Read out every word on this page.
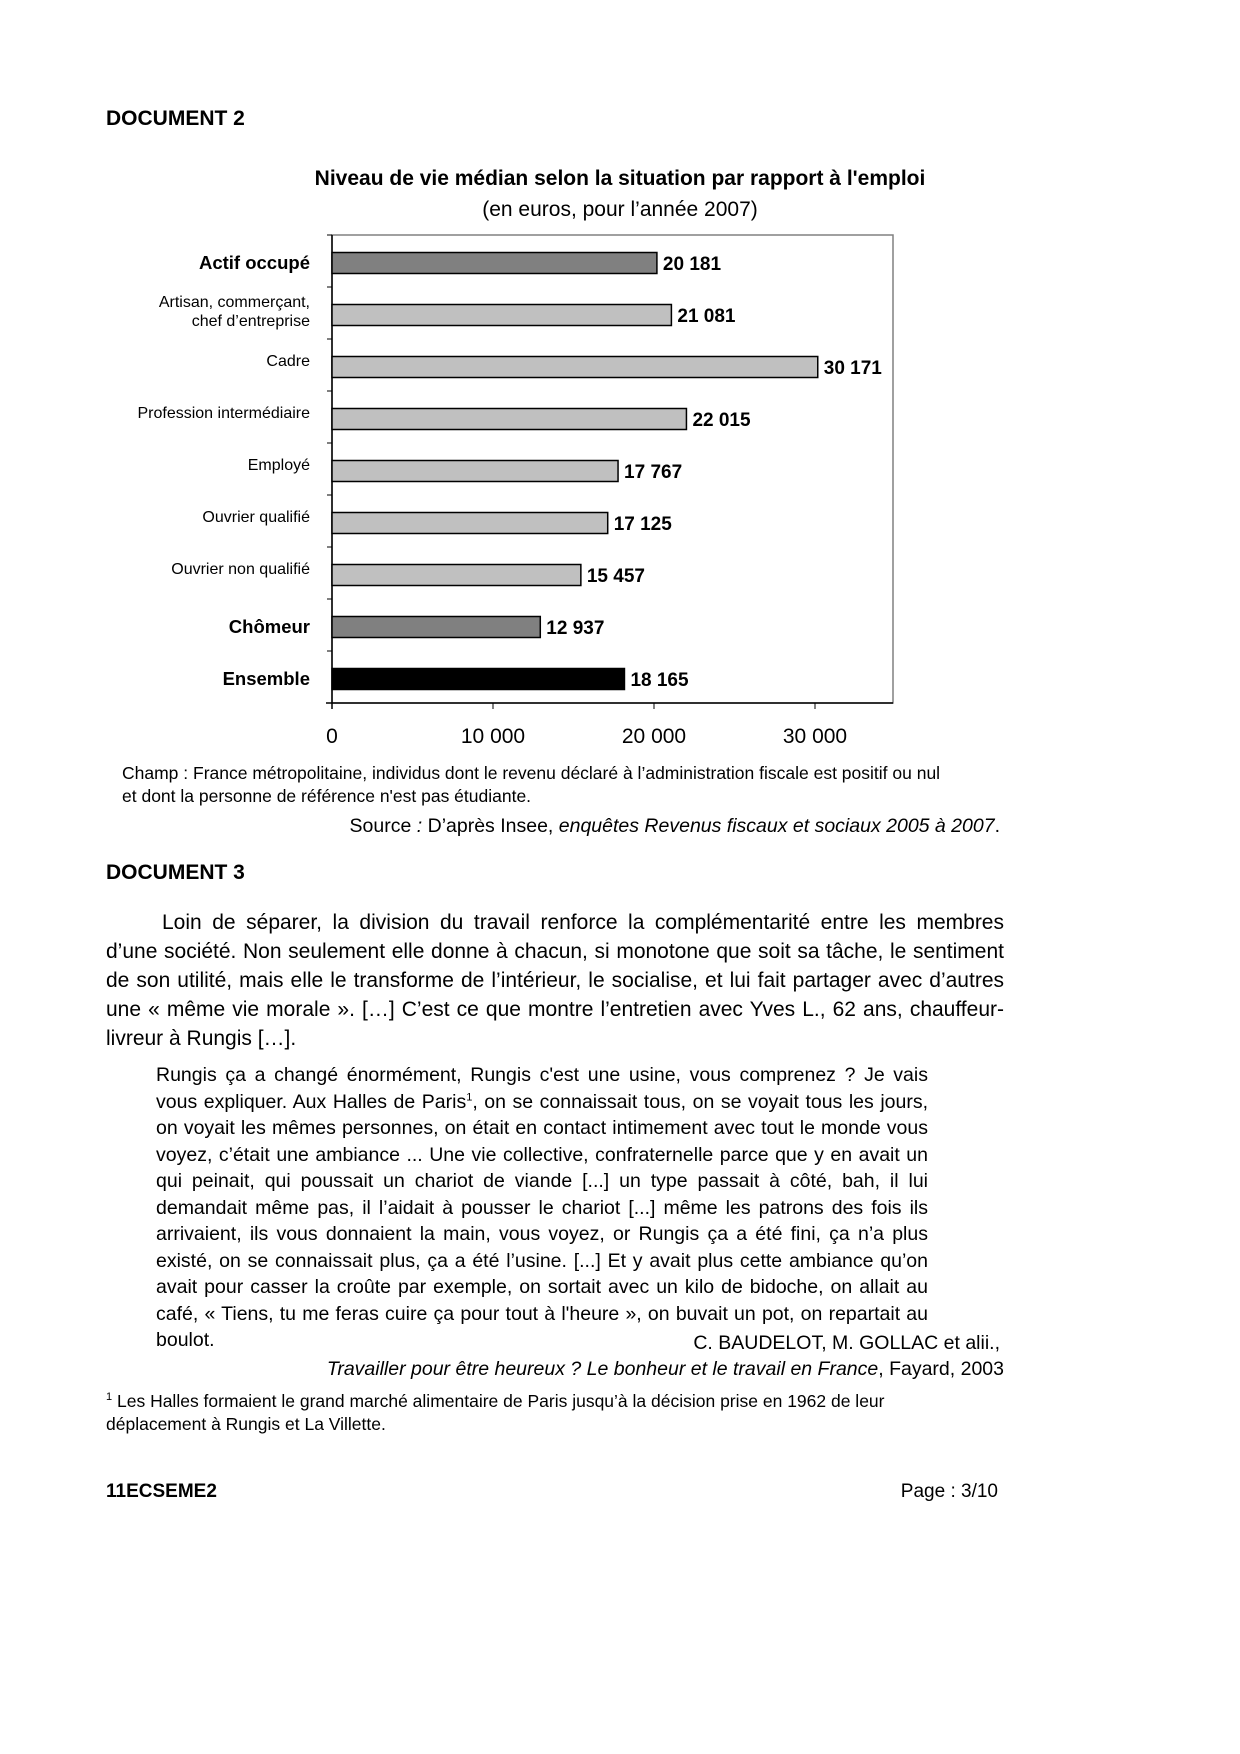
DOCUMENT 2
Niveau de vie médian selon la situation par rapport à l'emploi
(en euros, pour l’année 2007)
0	10 000	20 000	30 000
20 181
Actif occupé
21 081
Artisan, commerçant,
chef d’entreprise
30 171
Cadre
22 015
Profession intermédiaire
17 767
Employé
17 125
Ouvrier qualifié
15 457
Ouvrier non qualifié
12 937
Chômeur
18 165
Ensemble
Champ : France métropolitaine, individus dont le revenu déclaré à l’administration fiscale est positif ou nul
et dont la personne de référence n'est pas étudiante.
Source : D’après Insee, enquêtes Revenus fiscaux et sociaux 2005 à 2007.
DOCUMENT 3

Loin de séparer, la division du travail renforce la complémentarité entre les membres d’une société. Non seulement elle donne à chacun, si monotone que soit sa tâche, le sentiment de son utilité, mais elle le transforme de l’intérieur, le socialise, et lui fait partager avec d’autres une « même vie morale ». […] C’est ce que montre l’entretien avec Yves L., 62 ans, chauffeur-livreur à Rungis […].

Rungis ça a changé énormément, Rungis c'est une usine, vous comprenez ? Je vais vous expliquer. Aux Halles de Paris$^1$, on se connaissait tous, on se voyait tous les jours, on voyait les mêmes personnes, on était en contact intimement avec tout le monde vous voyez, c’était une ambiance ... Une vie collective, confraternelle parce que y en avait un qui peinait, qui poussait un chariot de viande [...] un type passait à côté, bah, il lui demandait même pas, il l’aidait à pousser le chariot [...] même les patrons des fois ils arrivaient, ils vous donnaient la main, vous voyez, or Rungis ça a été fini, ça n’a plus existé, on se connaissait plus, ça a été l’usine. [...] Et y avait plus cette ambiance qu’on avait pour casser la croûte par exemple, on sortait avec un kilo de bidoche, on allait au café, « Tiens, tu me feras cuire ça pour tout à l'heure », on buvait un pot, on repartait au boulot.	C. BAUDELOT, M. GOLLAC et alii.,
Travailler pour être heureux ? Le bonheur et le travail en France, Fayard, 2003
$^1$ Les Halles formaient le grand marché alimentaire de Paris jusqu’à la décision prise en 1962 de leur déplacement à Rungis et La Villette.
11ECSEME2	Page : 3/10
